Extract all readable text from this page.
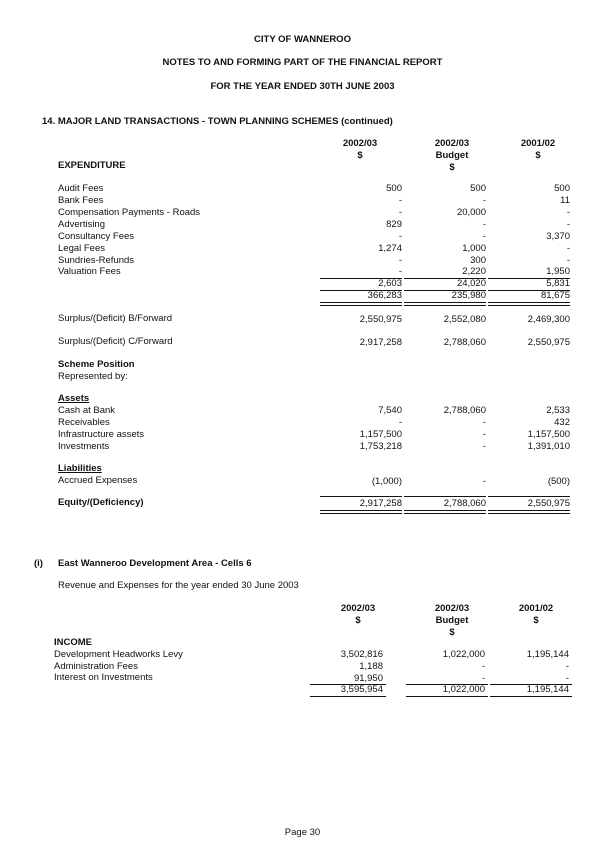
CITY OF WANNEROO
NOTES TO AND FORMING PART OF THE FINANCIAL REPORT
FOR THE YEAR ENDED 30TH JUNE 2003
14. MAJOR LAND TRANSACTIONS - TOWN PLANNING SCHEMES (continued)
2002/03
$
2002/03
Budget
$
2001/02
$
EXPENDITURE
Audit Fees	500	500	500
Bank Fees	-	-	11
Compensation Payments - Roads	-	20,000	-
Advertising	829	-	-
Consultancy Fees	-	-	3,370
Legal Fees	1,274	1,000	-
Sundries-Refunds	-	300	-
Valuation Fees	-	2,220	1,950
2,603	24,020	5,831
366,283	235,980	81,675
Surplus/(Deficit) B/Forward	2,550,975	2,552,080	2,469,300
Surplus/(Deficit) C/Forward	2,917,258	2,788,060	2,550,975
Scheme Position
Represented by:
Assets
Cash at Bank	7,540	2,788,060	2,533
Receivables	-	-	432
Infrastructure assets	1,157,500	-	1,157,500
Investments	1,753,218	-	1,391,010
Liabilities
Accrued Expenses	(1,000)	-	(500)
Equity/(Deficiency)	2,917,258	2,788,060	2,550,975
(i) East Wanneroo Development Area - Cells 6
Revenue and Expenses for the year ended 30 June 2003
2002/03
$
2002/03
Budget
$
2001/02
$
INCOME
Development Headworks Levy	3,502,816	1,022,000	1,195,144
Administration Fees	1,188	-	-
Interest on Investments	91,950	-	-
3,595,954	1,022,000	1,195,144
Page 30
